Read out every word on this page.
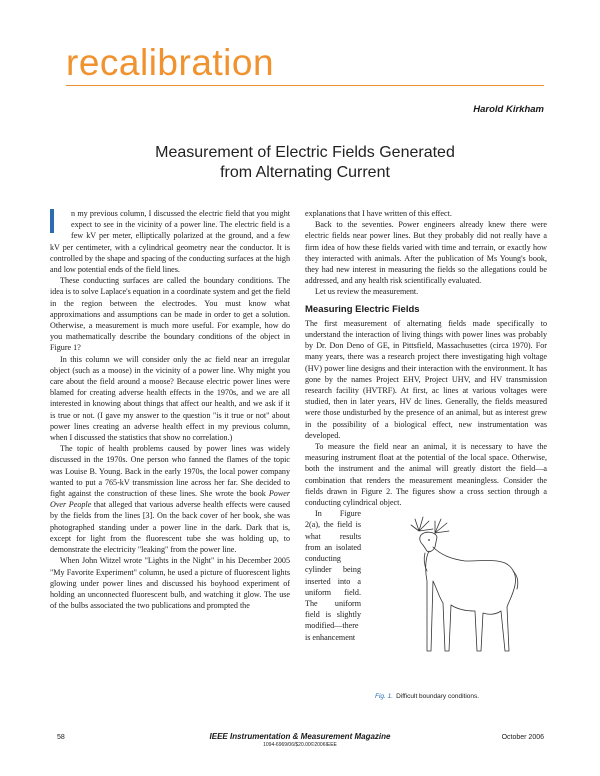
recalibration
Harold Kirkham
Measurement of Electric Fields Generated
from Alternating Current

n my previous column, I discussed the electric field that you might expect to see in the vicinity of a power line. The electric field is a few kV per meter, elliptically polarized at the ground, and a few kV per centimeter, with a cylindrical geometry near the conductor. It is controlled by the shape and spacing of the conducting surfaces at the high and low potential ends of the field lines.

These conducting surfaces are called the boundary conditions. The idea is to solve Laplace's equation in a coordinate system and get the field in the region between the electrodes. You must know what approximations and assumptions can be made in order to get a solution. Otherwise, a measurement is much more useful. For example, how do you mathematically describe the boundary conditions of the object in Figure 1?

In this column we will consider only the ac field near an irregular object (such as a moose) in the vicinity of a power line. Why might you care about the field around a moose? Because electric power lines were blamed for creating adverse health effects in the 1970s, and we are all interested in knowing about things that affect our health, and we ask if it is true or not. (I gave my answer to the question "is it true or not" about power lines creating an adverse health effect in my previous column, when I discussed the statistics that show no correlation.)

The topic of health problems caused by power lines was widely discussed in the 1970s. One person who fanned the flames of the topic was Louise B. Young. Back in the early 1970s, the local power company wanted to put a 765-kV transmission line across her far. She decided to fight against the construction of these lines. She wrote the book Power Over People that alleged that various adverse health effects were caused by the fields from the lines [3]. On the back cover of her book, she was photographed standing under a power line in the dark. Dark that is, except for light from the fluorescent tube she was holding up, to demonstrate the electricity "leaking" from the power line.

When John Witzel wrote "Lights in the Night" in his December 2005 "My Favorite Experiment" column, he used a picture of fluorescent lights glowing under power lines and discussed his boyhood experiment of holding an unconnected fluorescent bulb, and watching it glow. The use of the bulbs associated the two publications and prompted the

explanations that I have written of this effect.

Back to the seventies. Power engineers already knew there were electric fields near power lines. But they probably did not really have a firm idea of how these fields varied with time and terrain, or exactly how they interacted with animals. After the publication of Ms Young's book, they had new interest in measuring the fields so the allegations could be addressed, and any health risk scientifically evaluated.

Let us review the measurement.

Measuring Electric Fields

The first measurement of alternating fields made specifically to understand the interaction of living things with power lines was probably by Dr. Don Deno of GE, in Pittsfield, Massachusettes (circa 1970). For many years, there was a research project there investigating high voltage (HV) power line designs and their interaction with the environment. It has gone by the names Project EHV, Project UHV, and HV transmission research facility (HVTRF). At first, ac lines at various voltages were studied, then in later years, HV dc lines. Generally, the fields measured were those undisturbed by the presence of an animal, but as interest grew in the possibility of a biological effect, new instrumentation was developed.

To measure the field near an animal, it is necessary to have the measuring instrument float at the potential of the local space. Otherwise, both the instrument and the animal will greatly distort the field—a combination that renders the measurement meaningless. Consider the fields drawn in Figure 2. The figures show a cross section through a conducting cylindrical object.

Fig. 1. Difficult boundary conditions.

In Figure 2(a), the field is what results from an isolated conducting cylinder being inserted into a uniform field. The uniform field is slightly modified—there is enhancement

58	IEEE Instrumentation & Measurement Magazine
1094-6969/06/$20.00©2006IEEE
October 2006
